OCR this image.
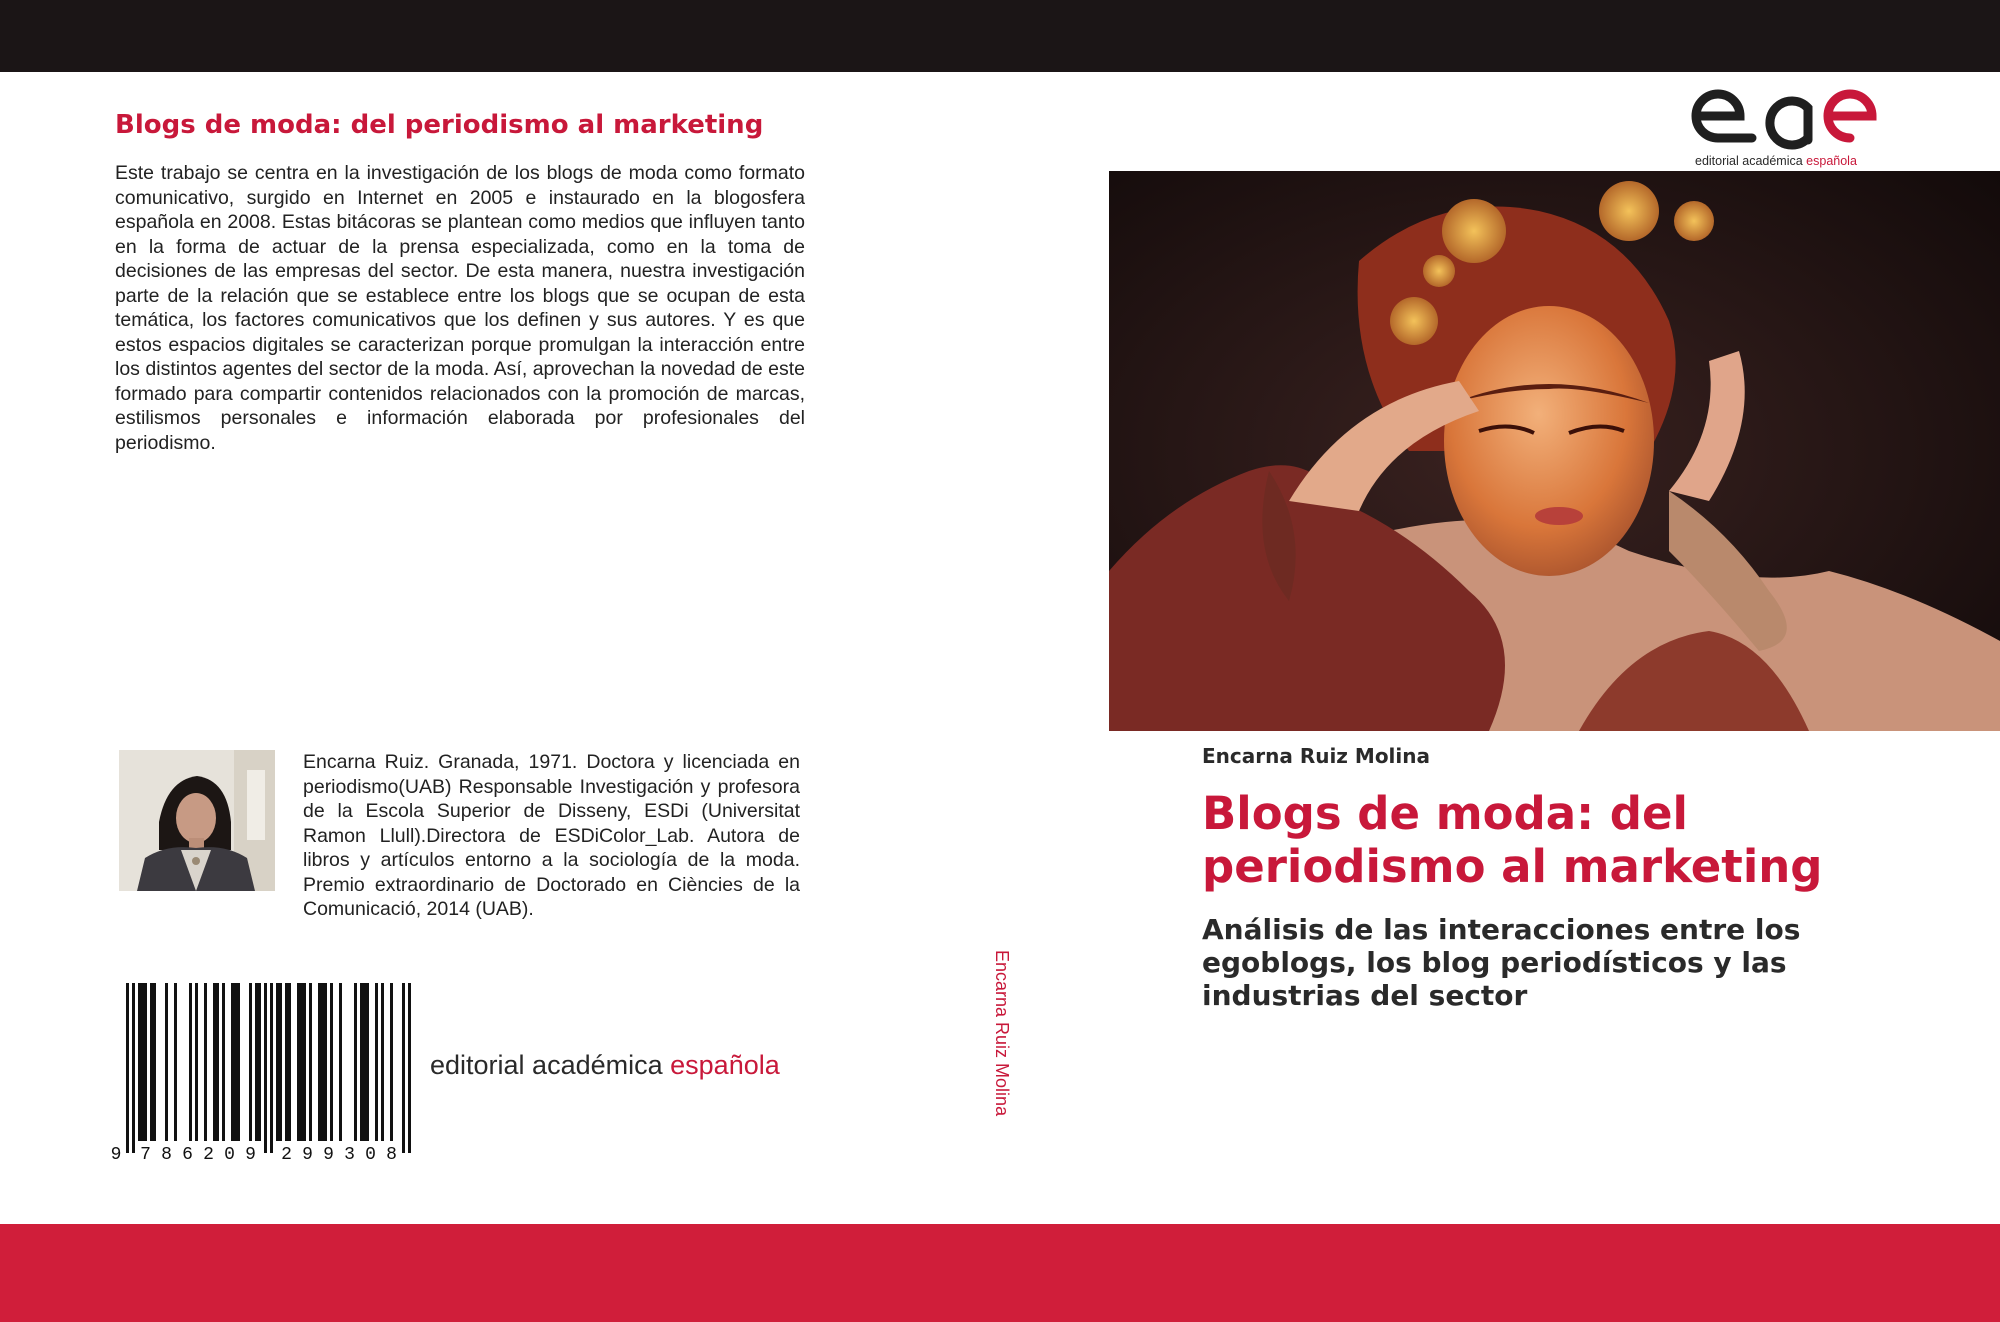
Blogs de moda: del periodismo al marketing
Este trabajo se centra en la investigación de los blogs de moda como formato comunicativo, surgido en Internet en 2005 e instaurado en la blogosfera española en 2008. Estas bitácoras se plantean como medios que influyen tanto en la forma de actuar de la prensa especializada, como en la toma de decisiones de las empresas del sector. De esta manera, nuestra investigación parte de la relación que se establece entre los blogs que se ocupan de esta temática, los factores comunicativos que los definen y sus autores. Y es que estos espacios digitales se caracterizan porque promulgan la interacción entre los distintos agentes del sector de la moda. Así, aprovechan la novedad de este formado para compartir contenidos relacionados con la promoción de marcas, estilismos personales e información elaborada por profesionales del periodismo.
Encarna Ruiz. Granada, 1971. Doctora y licenciada en periodismo(UAB) Responsable Investigación y profesora de la Escola Superior de Disseny, ESDi (Universitat Ramon Llull).Directora de ESDiColor_Lab. Autora de libros y artículos entorno a la sociología de la moda. Premio extraordinario de Doctorado en Ciències de la Comunicació, 2014 (UAB).
9 7 8 6 2 0 9 2 9 9 3 0 8
editorial académica española	Encarna Ruiz Molina
editorial académica española
Encarna Ruiz Molina
Blogs de moda: del periodismo al marketing
Análisis de las interacciones entre los egoblogs, los blog periodísticos y las industrias del sector
